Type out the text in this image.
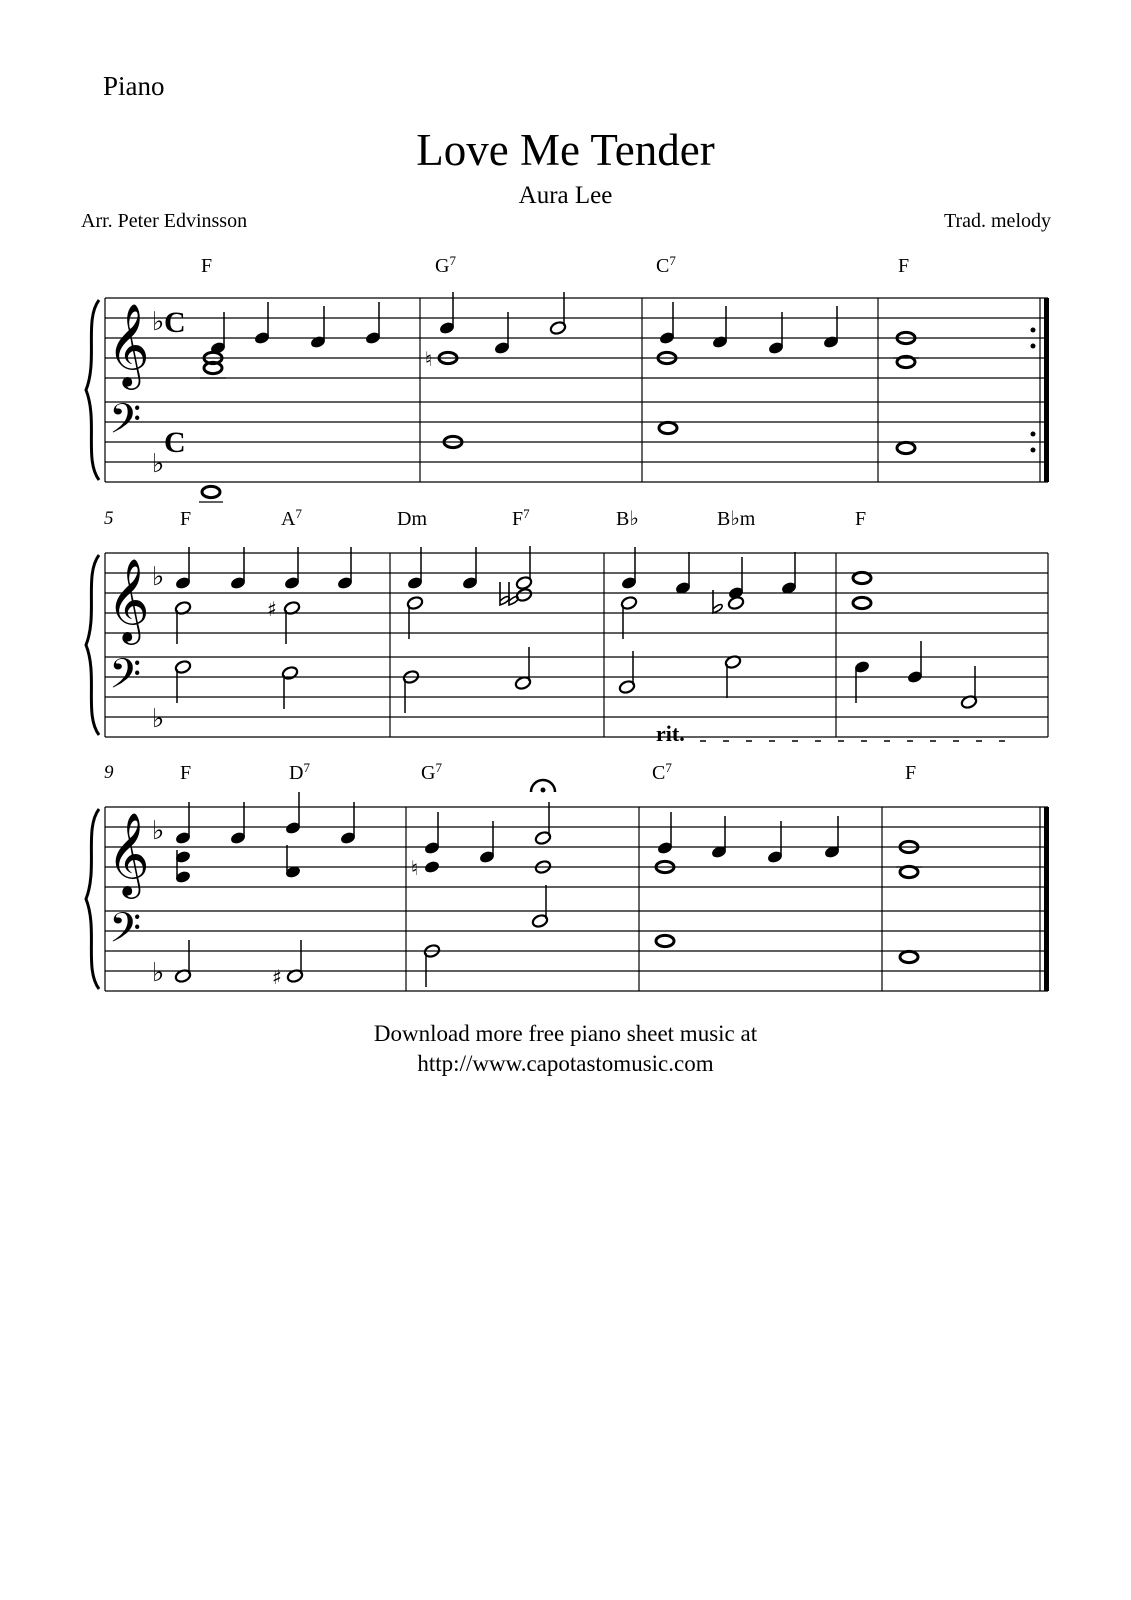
Piano
Love Me Tender
Aura Lee
Arr. Peter Edvinsson	Trad. melody
𝄞
𝄢
♭
♭
C
C
♮
𝄞
𝄢
♭
♭
♯
𝄞
𝄢
♭
♭	♯
♮
F	$G^7$	$C^7$	F
5	F	$A^7$	Dm	$F^7$	B♭	B♭m	F
rit.
9	F	$D^7$	$G^7$	$C^7$	F
Download more free piano sheet music at
http://www.capotastomusic.com
